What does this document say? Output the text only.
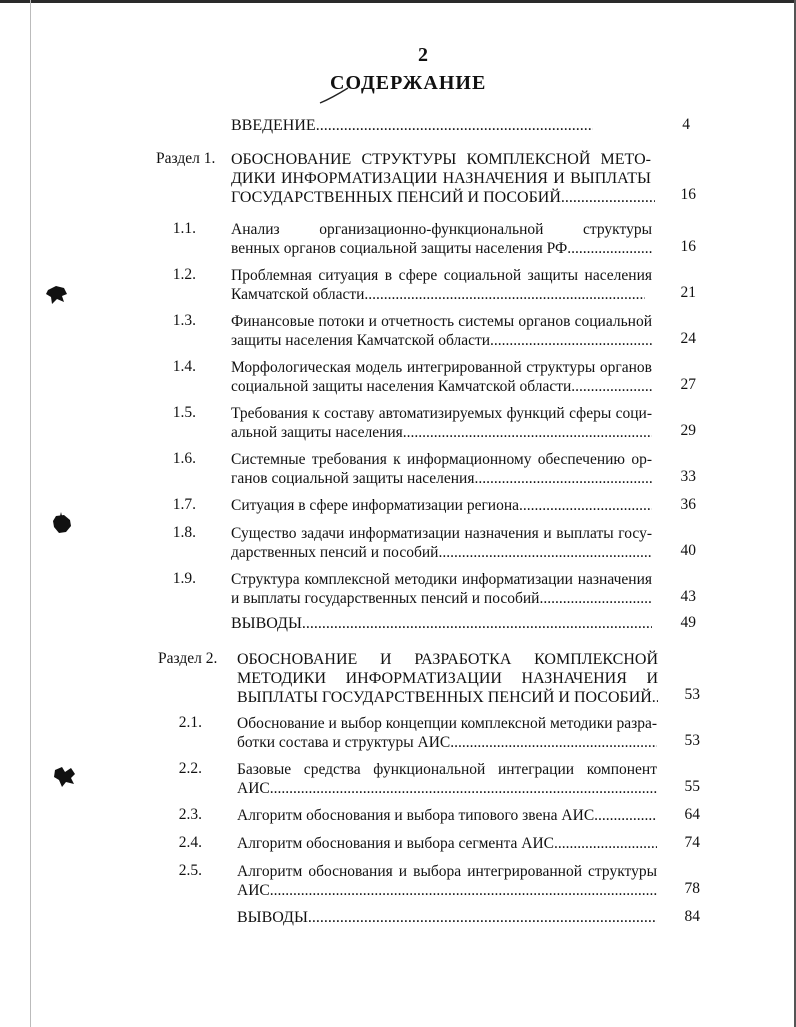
2
СОДЕРЖАНИЕ
ВВЕДЕНИЕ .....	4
Раздел 1. ОБОСНОВАНИЕ СТРУКТУРЫ КОМПЛЕКСНОЙ МЕТО-
ДИКИ ИНФОРМАТИЗАЦИИ НАЗНАЧЕНИЯ И ВЫПЛАТЫ
ГОСУДАРСТВЕННЫХ ПЕНСИЙ И ПОСОБИЙ .....	16
1.1. Анализ организационно-функциональной структуры
венных органов социальной защиты населения РФ .....	16
1.2. Проблемная ситуация в сфере социальной защиты населения
Камчатской области .....	21
1.3. Финансовые потоки и отчетность системы органов социальной
защиты населения Камчатской области .....	24
1.4. Морфологическая модель интегрированной структуры органов
социальной защиты населения Камчатской области .....	27
1.5. Требования к составу автоматизируемых функций сферы соци-
альной защиты населения .....	29
1.6. Системные требования к информационному обеспечению ор-
ганов социальной защиты населения .....	33
1.7. Ситуация в сфере информатизации региона .....	36
1.8. Существо задачи информатизации назначения и выплаты госу-
дарственных пенсий и пособий .....	40
1.9. Структура комплексной методики информатизации назначения
и выплаты государственных пенсий и пособий .....	43
ВЫВОДЫ .....	49
Раздел 2. ОБОСНОВАНИЕ И РАЗРАБОТКА КОМПЛЕКСНОЙ
МЕТОДИКИ ИНФОРМАТИЗАЦИИ НАЗНАЧЕНИЯ И
ВЫПЛАТЫ ГОСУДАРСТВЕННЫХ ПЕНСИЙ И ПОСОБИЙ .....	53
2.1. Обоснование и выбор концепции комплексной методики разра-
ботки состава и структуры АИС .....	53
2.2. Базовые средства функциональной интеграции компонент
АИС .....	55
2.3. Алгоритм обоснования и выбора типового звена АИС .....	64
2.4. Алгоритм обоснования и выбора сегмента АИС .....	74
2.5. Алгоритм обоснования и выбора интегрированной структуры
АИС .....	78
ВЫВОДЫ .....	84
